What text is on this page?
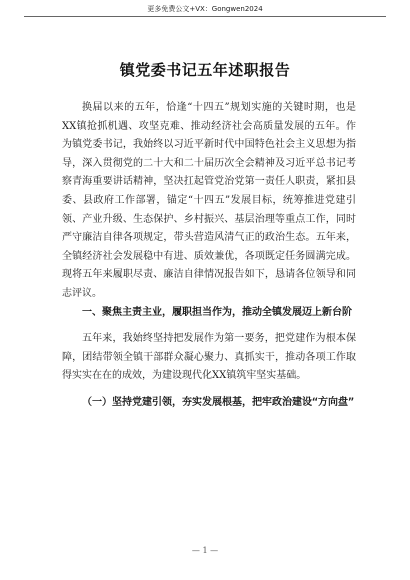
更多免费公文+VX：Gongwen2024
镇党委书记五年述职报告

换届以来的五年，恰逢“十四五”规划实施的关键时期，也是XX镇抢抓机遇、攻坚克难、推动经济社会高质量发展的五年。作为镇党委书记，我始终以习近平新时代中国特色社会主义思想为指导，深入贯彻党的二十大和二十届历次全会精神及习近平总书记考察青海重要讲话精神，坚决扛起管党治党第一责任人职责，紧扣县委、县政府工作部署，锚定“十四五”发展目标，统筹推进党建引领、产业升级、生态保护、乡村振兴、基层治理等重点工作，同时严守廉洁自律各项规定，带头营造风清气正的政治生态。五年来，全镇经济社会发展稳中有进、质效兼优，各项既定任务圆满完成。现将五年来履职尽责、廉洁自律情况报告如下，恳请各位领导和同志评议。

一、聚焦主责主业，履职担当作为，推动全镇发展迈上新台阶

五年来，我始终坚持把发展作为第一要务，把党建作为根本保障，团结带领全镇干部群众凝心聚力、真抓实干，推动各项工作取得实实在在的成效，为建设现代化XX镇筑牢坚实基础。

（一）坚持党建引领，夯实发展根基，把牢政治建设“方向盘”

— 1 —
